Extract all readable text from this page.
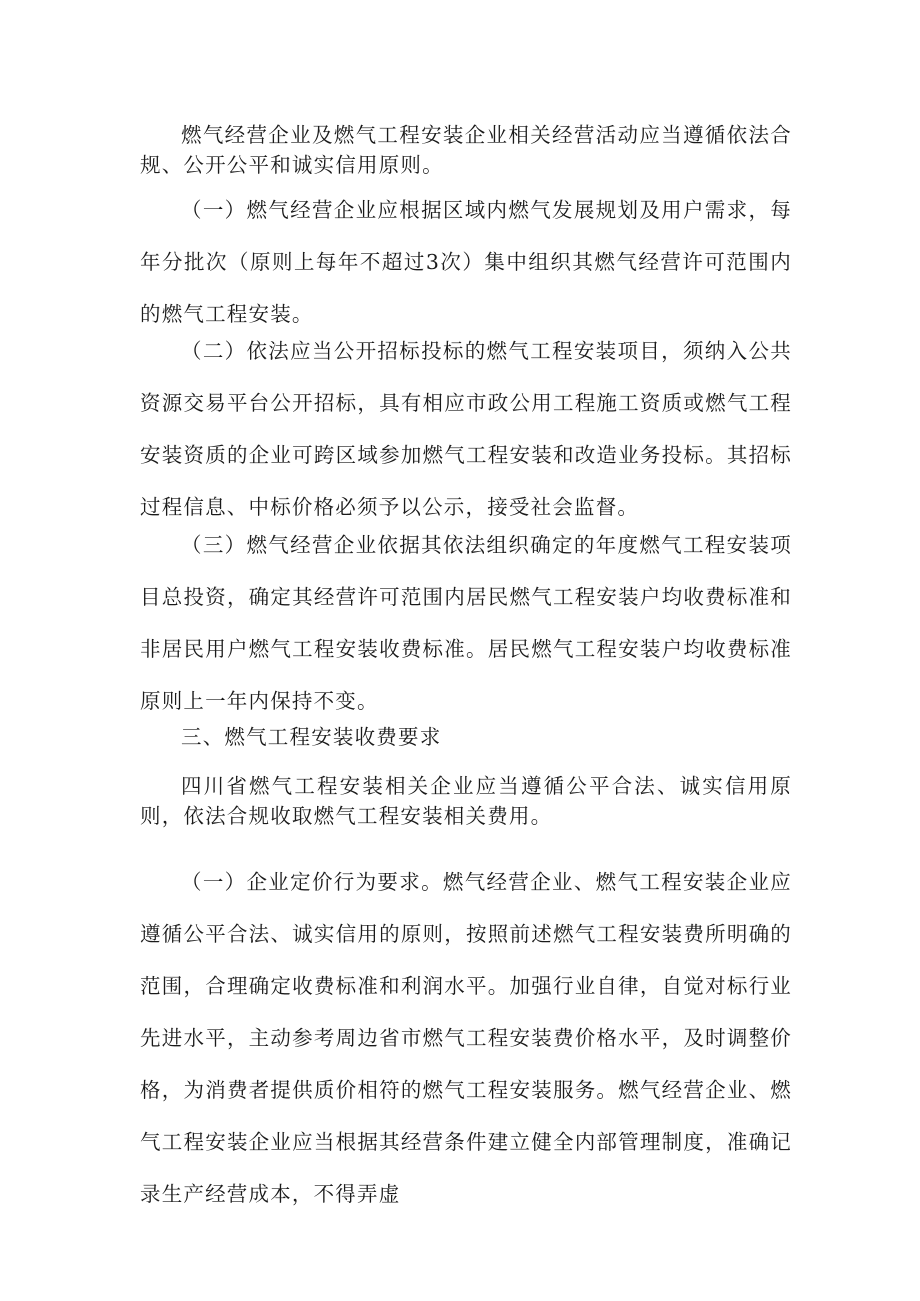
燃气经营企业及燃气工程安装企业相关经营活动应当遵循依法合规、公开公平和诚实信用原则。

（一）燃气经营企业应根据区域内燃气发展规划及用户需求，每年分批次（原则上每年不超过3次）集中组织其燃气经营许可范围内的燃气工程安装。

（二）依法应当公开招标投标的燃气工程安装项目，须纳入公共资源交易平台公开招标，具有相应市政公用工程施工资质或燃气工程安装资质的企业可跨区域参加燃气工程安装和改造业务投标。其招标过程信息、中标价格必须予以公示，接受社会监督。

（三）燃气经营企业依据其依法组织确定的年度燃气工程安装项目总投资，确定其经营许可范围内居民燃气工程安装户均收费标准和非居民用户燃气工程安装收费标准。居民燃气工程安装户均收费标准原则上一年内保持不变。

三、燃气工程安装收费要求

四川省燃气工程安装相关企业应当遵循公平合法、诚实信用原则，依法合规收取燃气工程安装相关费用。

（一）企业定价行为要求。燃气经营企业、燃气工程安装企业应遵循公平合法、诚实信用的原则，按照前述燃气工程安装费所明确的范围，合理确定收费标准和利润水平。加强行业自律，自觉对标行业先进水平，主动参考周边省市燃气工程安装费价格水平，及时调整价格，为消费者提供质价相符的燃气工程安装服务。燃气经营企业、燃气工程安装企业应当根据其经营条件建立健全内部管理制度，准确记录生产经营成本，不得弄虚
